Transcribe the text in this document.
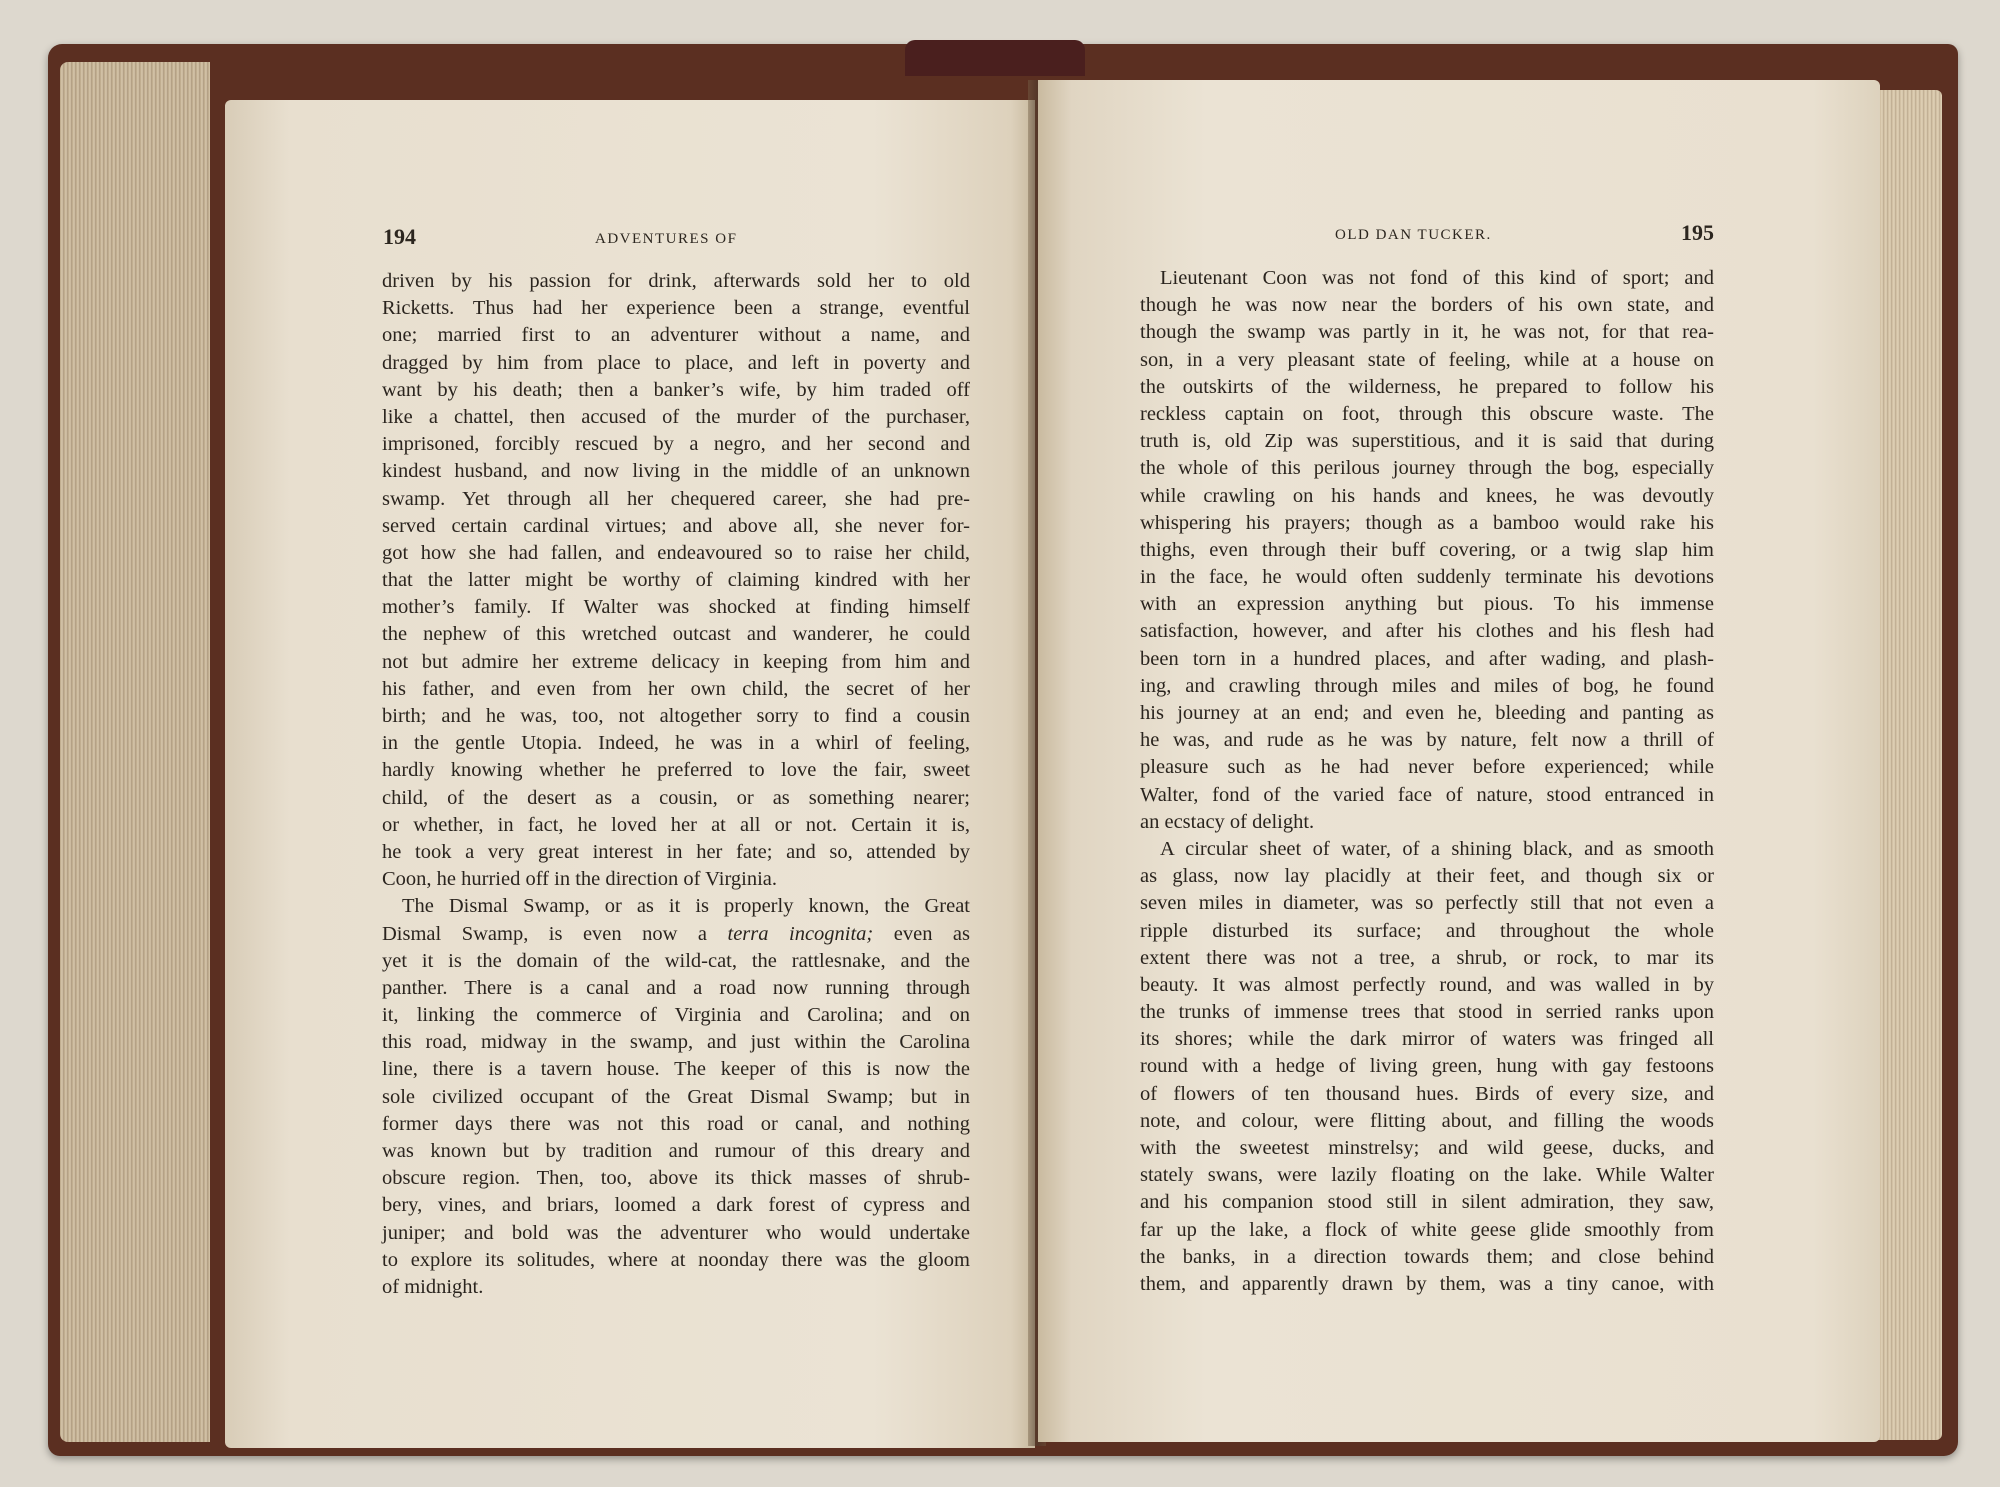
194	ADVENTURES OF
driven by his passion for drink, afterwards sold her to old
Ricketts. Thus had her experience been a strange, eventful
one; married first to an adventurer without a name, and
dragged by him from place to place, and left in poverty and
want by his death; then a banker’s wife, by him traded off
like a chattel, then accused of the murder of the purchaser,
imprisoned, forcibly rescued by a negro, and her second and
kindest husband, and now living in the middle of an unknown
swamp. Yet through all her chequered career, she had pre-
served certain cardinal virtues; and above all, she never for-
got how she had fallen, and endeavoured so to raise her child,
that the latter might be worthy of claiming kindred with her
mother’s family. If Walter was shocked at finding himself
the nephew of this wretched outcast and wanderer, he could
not but admire her extreme delicacy in keeping from him and
his father, and even from her own child, the secret of her
birth; and he was, too, not altogether sorry to find a cousin
in the gentle Utopia. Indeed, he was in a whirl of feeling,
hardly knowing whether he preferred to love the fair, sweet
child, of the desert as a cousin, or as something nearer;
or whether, in fact, he loved her at all or not. Certain it is,
he took a very great interest in her fate; and so, attended by
Coon, he hurried off in the direction of Virginia.
The Dismal Swamp, or as it is properly known, the Great
Dismal Swamp, is even now a terra incognita; even as
yet it is the domain of the wild-cat, the rattlesnake, and the
panther. There is a canal and a road now running through
it, linking the commerce of Virginia and Carolina; and on
this road, midway in the swamp, and just within the Carolina
line, there is a tavern house. The keeper of this is now the
sole civilized occupant of the Great Dismal Swamp; but in
former days there was not this road or canal, and nothing
was known but by tradition and rumour of this dreary and
obscure region. Then, too, above its thick masses of shrub-
bery, vines, and briars, loomed a dark forest of cypress and
juniper; and bold was the adventurer who would undertake
to explore its solitudes, where at noonday there was the gloom
of midnight.
OLD DAN TUCKER.	195
Lieutenant Coon was not fond of this kind of sport; and
though he was now near the borders of his own state, and
though the swamp was partly in it, he was not, for that rea-
son, in a very pleasant state of feeling, while at a house on
the outskirts of the wilderness, he prepared to follow his
reckless captain on foot, through this obscure waste. The
truth is, old Zip was superstitious, and it is said that during
the whole of this perilous journey through the bog, especially
while crawling on his hands and knees, he was devoutly
whispering his prayers; though as a bamboo would rake his
thighs, even through their buff covering, or a twig slap him
in the face, he would often suddenly terminate his devotions
with an expression anything but pious. To his immense
satisfaction, however, and after his clothes and his flesh had
been torn in a hundred places, and after wading, and plash-
ing, and crawling through miles and miles of bog, he found
his journey at an end; and even he, bleeding and panting as
he was, and rude as he was by nature, felt now a thrill of
pleasure such as he had never before experienced; while
Walter, fond of the varied face of nature, stood entranced in
an ecstacy of delight.
A circular sheet of water, of a shining black, and as smooth
as glass, now lay placidly at their feet, and though six or
seven miles in diameter, was so perfectly still that not even a
ripple disturbed its surface; and throughout the whole
extent there was not a tree, a shrub, or rock, to mar its
beauty. It was almost perfectly round, and was walled in by
the trunks of immense trees that stood in serried ranks upon
its shores; while the dark mirror of waters was fringed all
round with a hedge of living green, hung with gay festoons
of flowers of ten thousand hues. Birds of every size, and
note, and colour, were flitting about, and filling the woods
with the sweetest minstrelsy; and wild geese, ducks, and
stately swans, were lazily floating on the lake. While Walter
and his companion stood still in silent admiration, they saw,
far up the lake, a flock of white geese glide smoothly from
the banks, in a direction towards them; and close behind
them, and apparently drawn by them, was a tiny canoe, with
